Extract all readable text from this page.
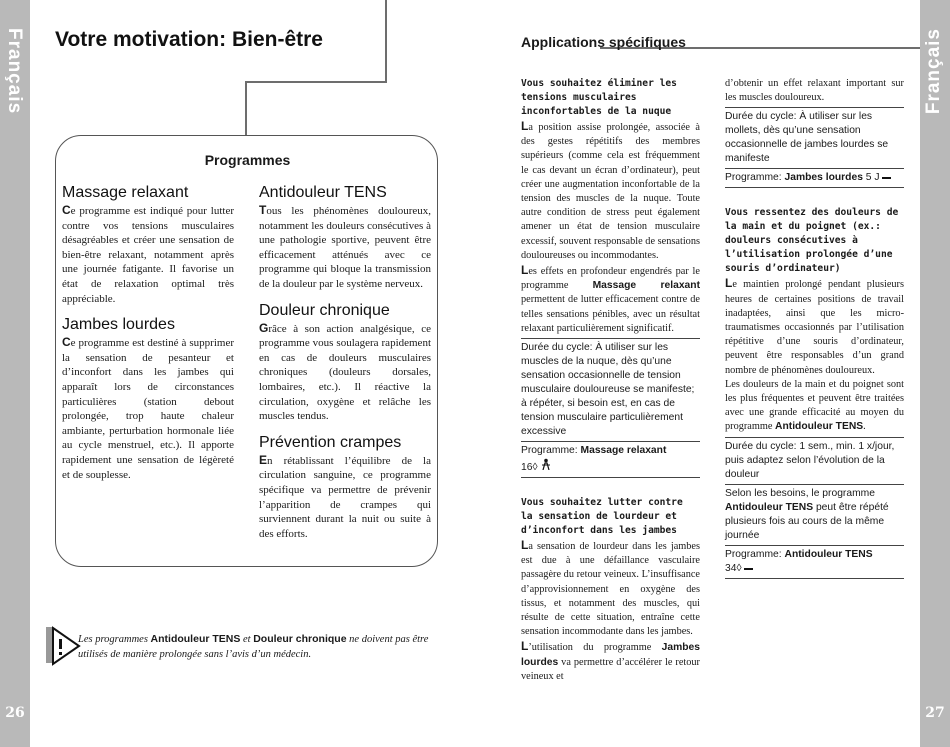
Français
26
Français
27
Votre motivation: Bien-être
Programmes
Massage relaxant

Ce programme est indiqué pour lutter contre vos tensions musculaires désagréables et créer une sensation de bien-être relaxant, notamment après une journée fatigante. Il favorise un état de relaxation optimal très appréciable.

Jambes lourdes

Ce programme est destiné à supprimer la sensation de pesanteur et d’inconfort dans les jambes qui apparaît lors de circonstances particulières (station debout prolongée, trop haute chaleur ambiante, perturbation hormonale liée au cycle menstruel, etc.). Il apporte rapidement une sensation de légèreté et de souplesse.

Antidouleur TENS

Tous les phénomènes douloureux, notamment les douleurs consécutives à une pathologie sportive, peuvent être efficacement atténués avec ce programme qui bloque la transmission de la douleur par le système nerveux.

Douleur chronique

Grâce à son action analgésique, ce programme vous soulagera rapidement en cas de douleurs musculaires chroniques (douleurs dorsales, lombaires, etc.). Il réactive la circulation, oxygène et relâche les muscles tendus.

Prévention crampes

En rétablissant l’équilibre de la circulation sanguine, ce programme spécifique va permettre de prévenir l’apparition de crampes qui surviennent durant la nuit ou suite à des efforts.

Les programmes Antidouleur TENS et Douleur chronique ne doivent pas être utilisés de manière prolongée sans l’avis d’un médecin.
Applications spécifiques

Vous souhaitez éliminer les tensions musculaires inconfortables de la nuque

La position assise prolongée, associée à des gestes répétitifs des membres supérieurs (comme cela est fréquemment le cas devant un écran d’ordinateur), peut créer une augmentation inconfortable de la tension des muscles de la nuque. Toute autre condition de stress peut également amener un état de tension musculaire excessif, souvent responsable de sensations douloureuses ou incommodantes.

Les effets en profondeur engendrés par le programme Massage relaxant permettent de lutter efficacement contre de telles sensations pénibles, avec un résultat relaxant particulièrement significatif.

Durée du cycle: À utiliser sur les muscles de la nuque, dès qu’une sensation occasionnelle de tension musculaire douloureuse se manifeste; à répéter, si besoin est, en cas de tension musculaire particulièrement excessive

Programme: Massage relaxant
16◊

Vous souhaitez lutter contre la sensation de lourdeur et d’inconfort dans les jambes

La sensation de lourdeur dans les jambes est due à une défaillance vasculaire passagère du retour veineux. L’insuffisance d’approvisionnement en oxygène des tissus, et notamment des muscles, qui résulte de cette situation, entraîne cette sensation incommodante dans les jambes.

L’utilisation du programme Jambes lourdes va permettre d’accélérer le retour veineux et

d’obtenir un effet relaxant important sur les muscles douloureux.

Durée du cycle: À utiliser sur les mollets, dès qu’une sensation occasionnelle de jambes lourdes se manifeste

Programme: Jambes lourdes 5 J

Vous ressentez des douleurs de la main et du poignet (ex.: douleurs consécutives à l’utilisation prolongée d’une souris d’ordinateur)

Le maintien prolongé pendant plusieurs heures de certaines positions de travail inadaptées, ainsi que les micro-traumatismes occasionnés par l’utilisation répétitive d’une souris d’ordinateur, peuvent être responsables d’un grand nombre de phénomènes douloureux.

Les douleurs de la main et du poignet sont les plus fréquentes et peuvent être traitées avec une grande efficacité au moyen du programme Antidouleur TENS.

Durée du cycle: 1 sem., min. 1 x/jour, puis adaptez selon l’évolution de la douleur

Selon les besoins, le programme Antidouleur TENS peut être répété plusieurs fois au cours de la même journée

Programme: Antidouleur TENS
34◊
